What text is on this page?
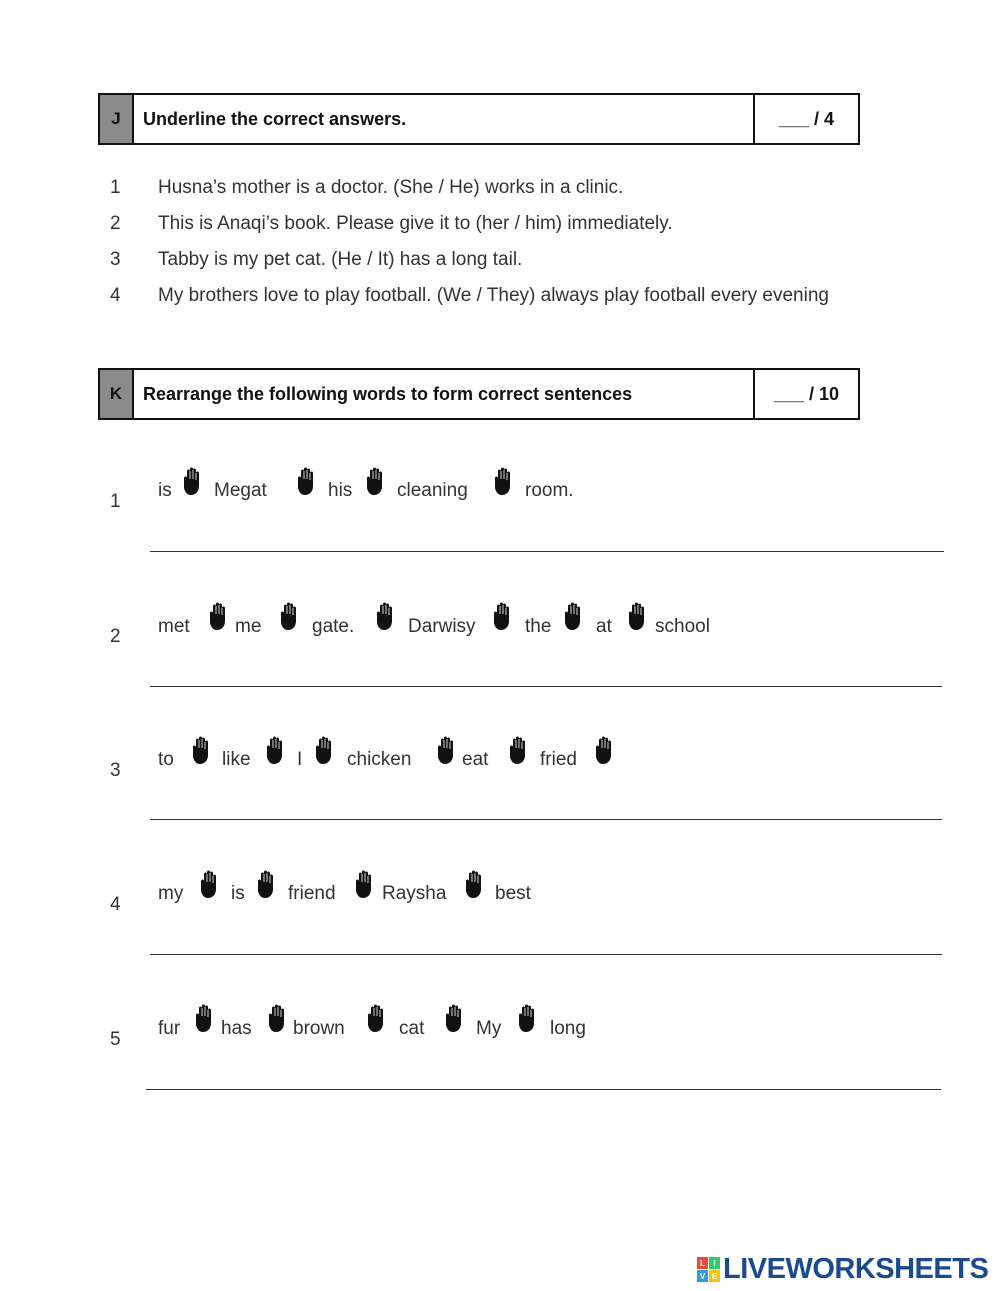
J	Underline the correct answers.	___ / 4
1 Husna’s mother is a doctor. (She / He) works in a clinic.
2 This is Anaqi’s book. Please give it to (her / him) immediately.
3 Tabby is my pet cat. (He / It) has a long tail.
4 My brothers love to play football. (We / They) always play football every evening
K	Rearrange the following words to form correct sentences	___ / 10
1
is Megat	his cleaning	room.
2 met me	gate.	Darwisy	the at school
3
to	like I chicken	eat	fried
4
my	is friend Raysha	best
5
fur has brown	cat	My	long
L	I
V E LIVEWORKSHEETS
